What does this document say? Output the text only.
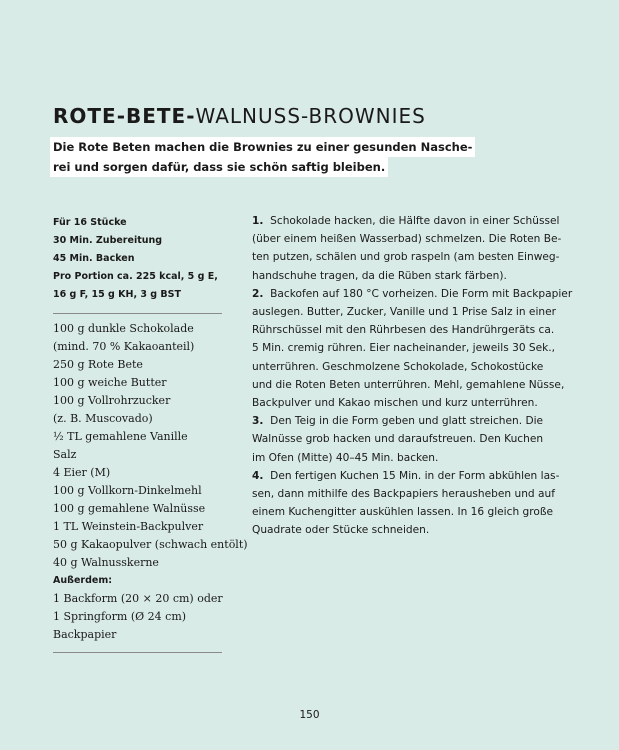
ROTE-BETE-WALNUSS-BROWNIES
Die Rote Beten machen die Brownies zu einer gesunden Nasche-
rei und sorgen dafür, dass sie schön saftig bleiben.
Für 16 Stücke
30 Min. Zubereitung
45 Min. Backen
Pro Portion ca. 225 kcal, 5 g E,
16 g F, 15 g KH, 3 g BST
100 g dunkle Schokolade
(mind. 70 % Kakaoanteil)
250 g Rote Bete
100 g weiche Butter
100 g Vollrohrzucker
(z. B. Muscovado)
½ TL gemahlene Vanille
Salz
4 Eier (M)
100 g Vollkorn-Dinkelmehl
100 g gemahlene Walnüsse
1 TL Weinstein-Backpulver
50 g Kakaopulver (schwach entölt)
40 g Walnusskerne
Außerdem:
1 Backform (20 × 20 cm) oder
1 Springform (Ø 24 cm)
Backpapier
1. Schokolade hacken, die Hälfte davon in einer Schüssel
(über einem heißen Wasserbad) schmelzen. Die Roten Be-
ten putzen, schälen und grob raspeln (am besten Einweg-
handschuhe tragen, da die Rüben stark färben).
2. Backofen auf 180 °C vorheizen. Die Form mit Backpapier
auslegen. Butter, Zucker, Vanille und 1 Prise Salz in einer
Rührschüssel mit den Rührbesen des Handrührgeräts ca.
5 Min. cremig rühren. Eier nacheinander, jeweils 30 Sek.,
unterrühren. Geschmolzene Schokolade, Schokostücke
und die Roten Beten unterrühren. Mehl, gemahlene Nüsse,
Backpulver und Kakao mischen und kurz unterrühren.
3. Den Teig in die Form geben und glatt streichen. Die
Walnüsse grob hacken und daraufstreuen. Den Kuchen
im Ofen (Mitte) 40–45 Min. backen.
4. Den fertigen Kuchen 15 Min. in der Form abkühlen las-
sen, dann mithilfe des Backpapiers herausheben und auf
einem Kuchengitter auskühlen lassen. In 16 gleich große
Quadrate oder Stücke schneiden.
150
